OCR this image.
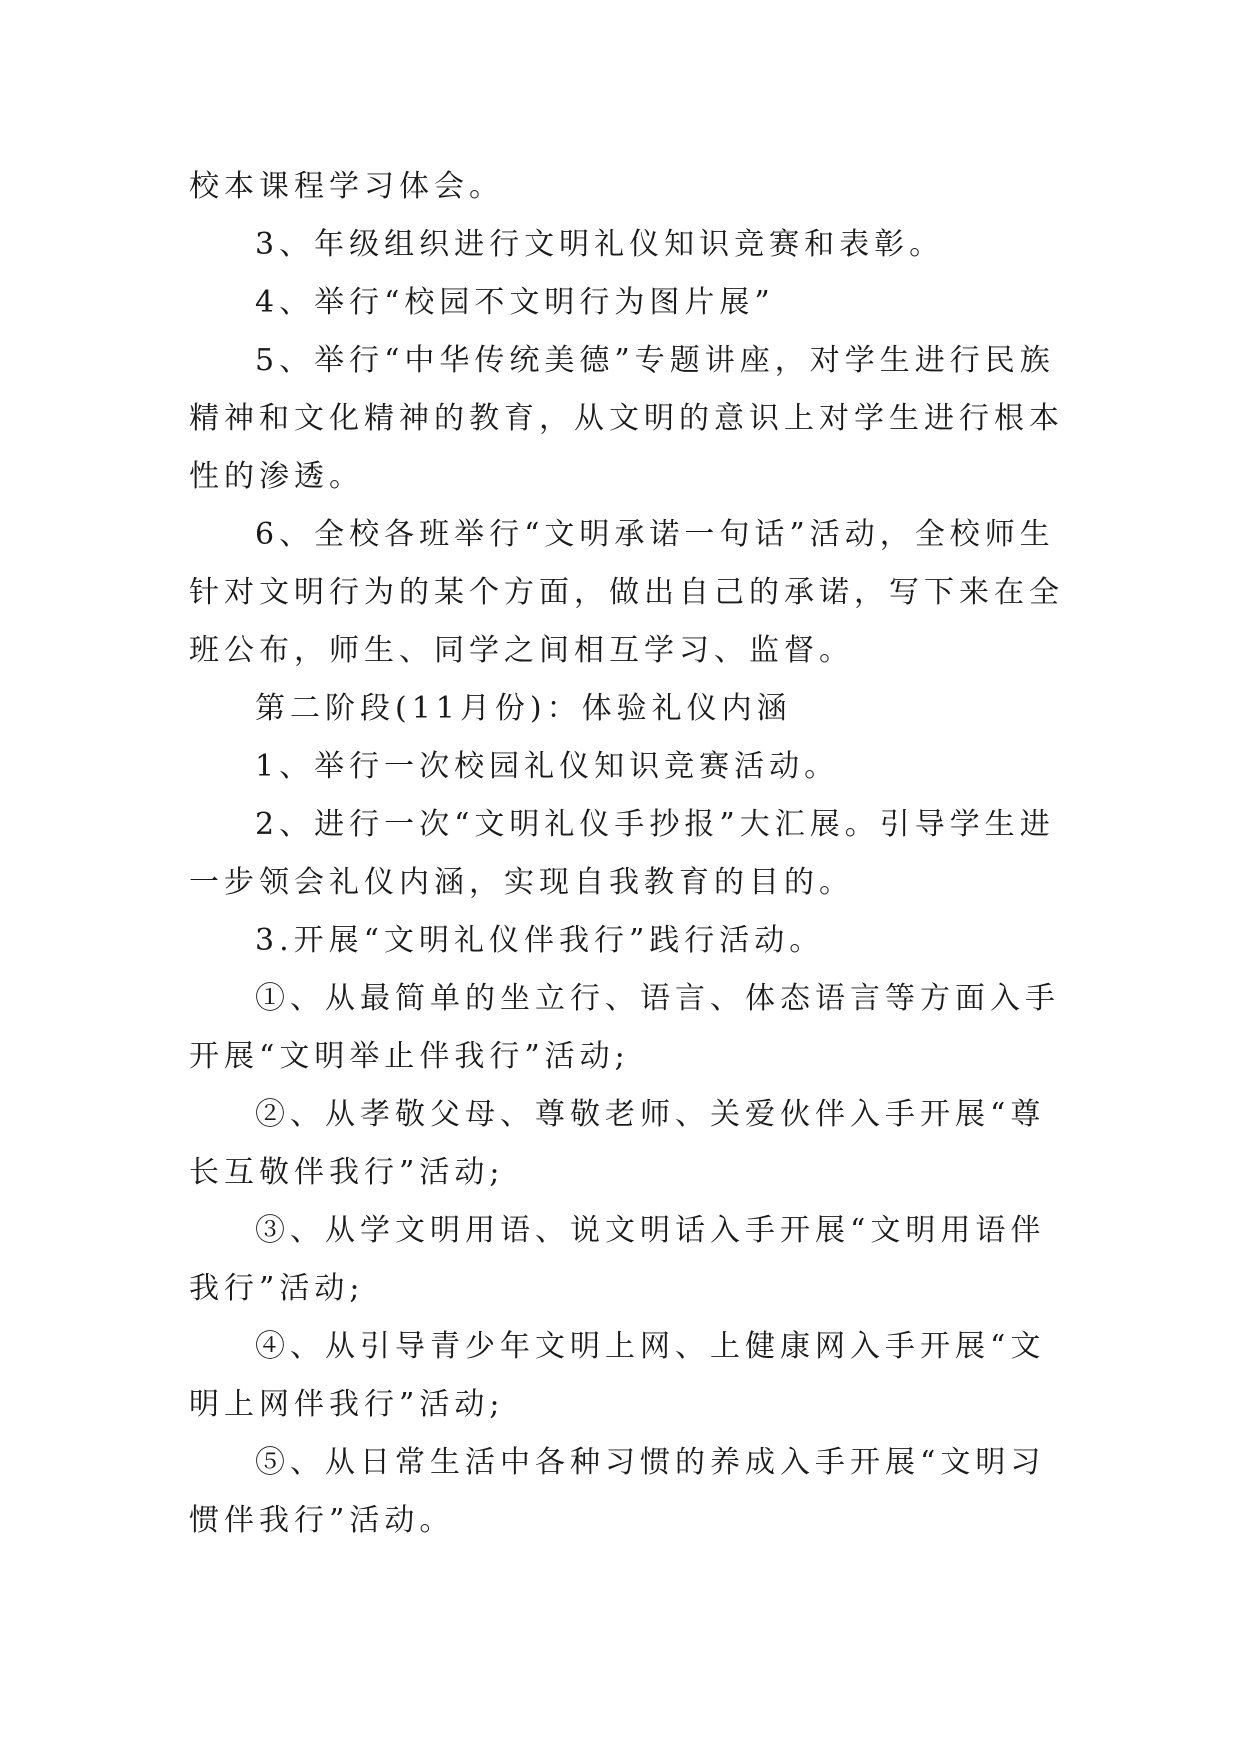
校本课程学习体会。

3、年级组织进行文明礼仪知识竞赛和表彰。

4、举行“校园不文明行为图片展”

5、举行“中华传统美德”专题讲座，对学生进行民族精神和文化精神的教育，从文明的意识上对学生进行根本性的渗透。

6、全校各班举行“文明承诺一句话”活动，全校师生针对文明行为的某个方面，做出自己的承诺，写下来在全班公布，师生、同学之间相互学习、监督。

第二阶段(11月份)：体验礼仪内涵

1、举行一次校园礼仪知识竞赛活动。

2、进行一次“文明礼仪手抄报”大汇展。引导学生进一步领会礼仪内涵，实现自我教育的目的。

3.开展“文明礼仪伴我行”践行活动。

①、从最简单的坐立行、语言、体态语言等方面入手开展“文明举止伴我行”活动;

②、从孝敬父母、尊敬老师、关爱伙伴入手开展“尊长互敬伴我行”活动;

③、从学文明用语、说文明话入手开展“文明用语伴我行”活动;

④、从引导青少年文明上网、上健康网入手开展“文明上网伴我行”活动;

⑤、从日常生活中各种习惯的养成入手开展“文明习惯伴我行”活动。
